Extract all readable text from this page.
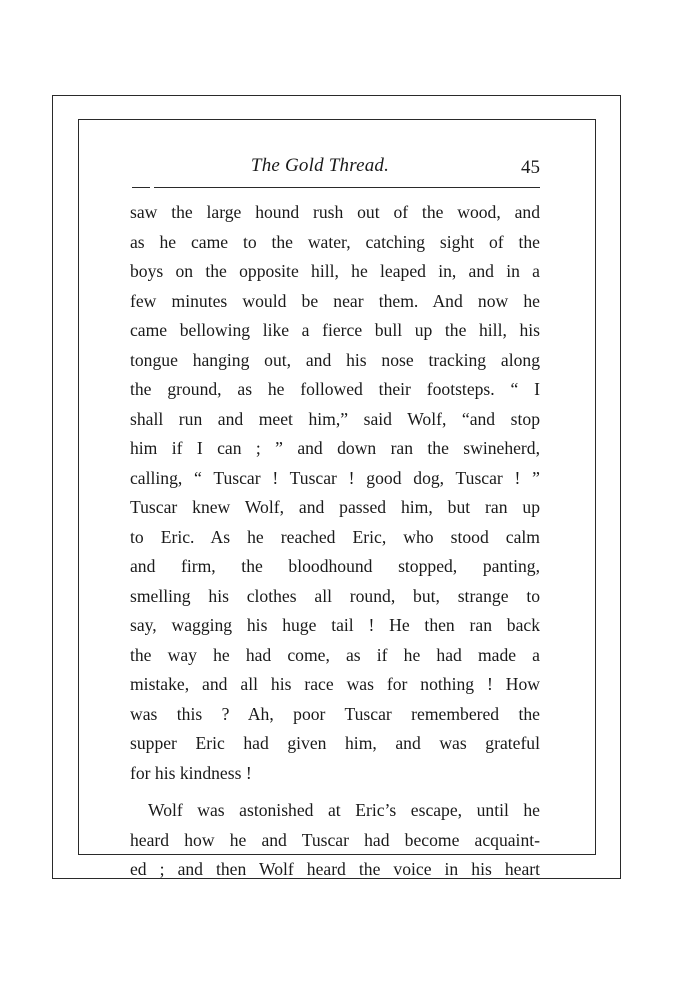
The Gold Thread.	45
saw the large hound rush out of the wood, and
as he came to the water, catching sight of the
boys on the opposite hill, he leaped in, and in a
few minutes would be near them. And now he
came bellowing like a fierce bull up the hill, his
tongue hanging out, and his nose tracking along
the ground, as he followed their footsteps. “ I
shall run and meet him,” said Wolf, “and stop
him if I can ; ” and down ran the swineherd,
calling, “ Tuscar ! Tuscar ! good dog, Tuscar ! ”
Tuscar knew Wolf, and passed him, but ran up
to Eric. As he reached Eric, who stood calm
and firm, the bloodhound stopped, panting,
smelling his clothes all round, but, strange to
say, wagging his huge tail ! He then ran back
the way he had come, as if he had made a
mistake, and all his race was for nothing ! How
was this ? Ah, poor Tuscar remembered the
supper Eric had given him, and was grateful
for his kindness !
Wolf was astonished at Eric’s escape, until he
heard how he and Tuscar had become acquaint-
ed ; and then Wolf heard the voice in his heart
